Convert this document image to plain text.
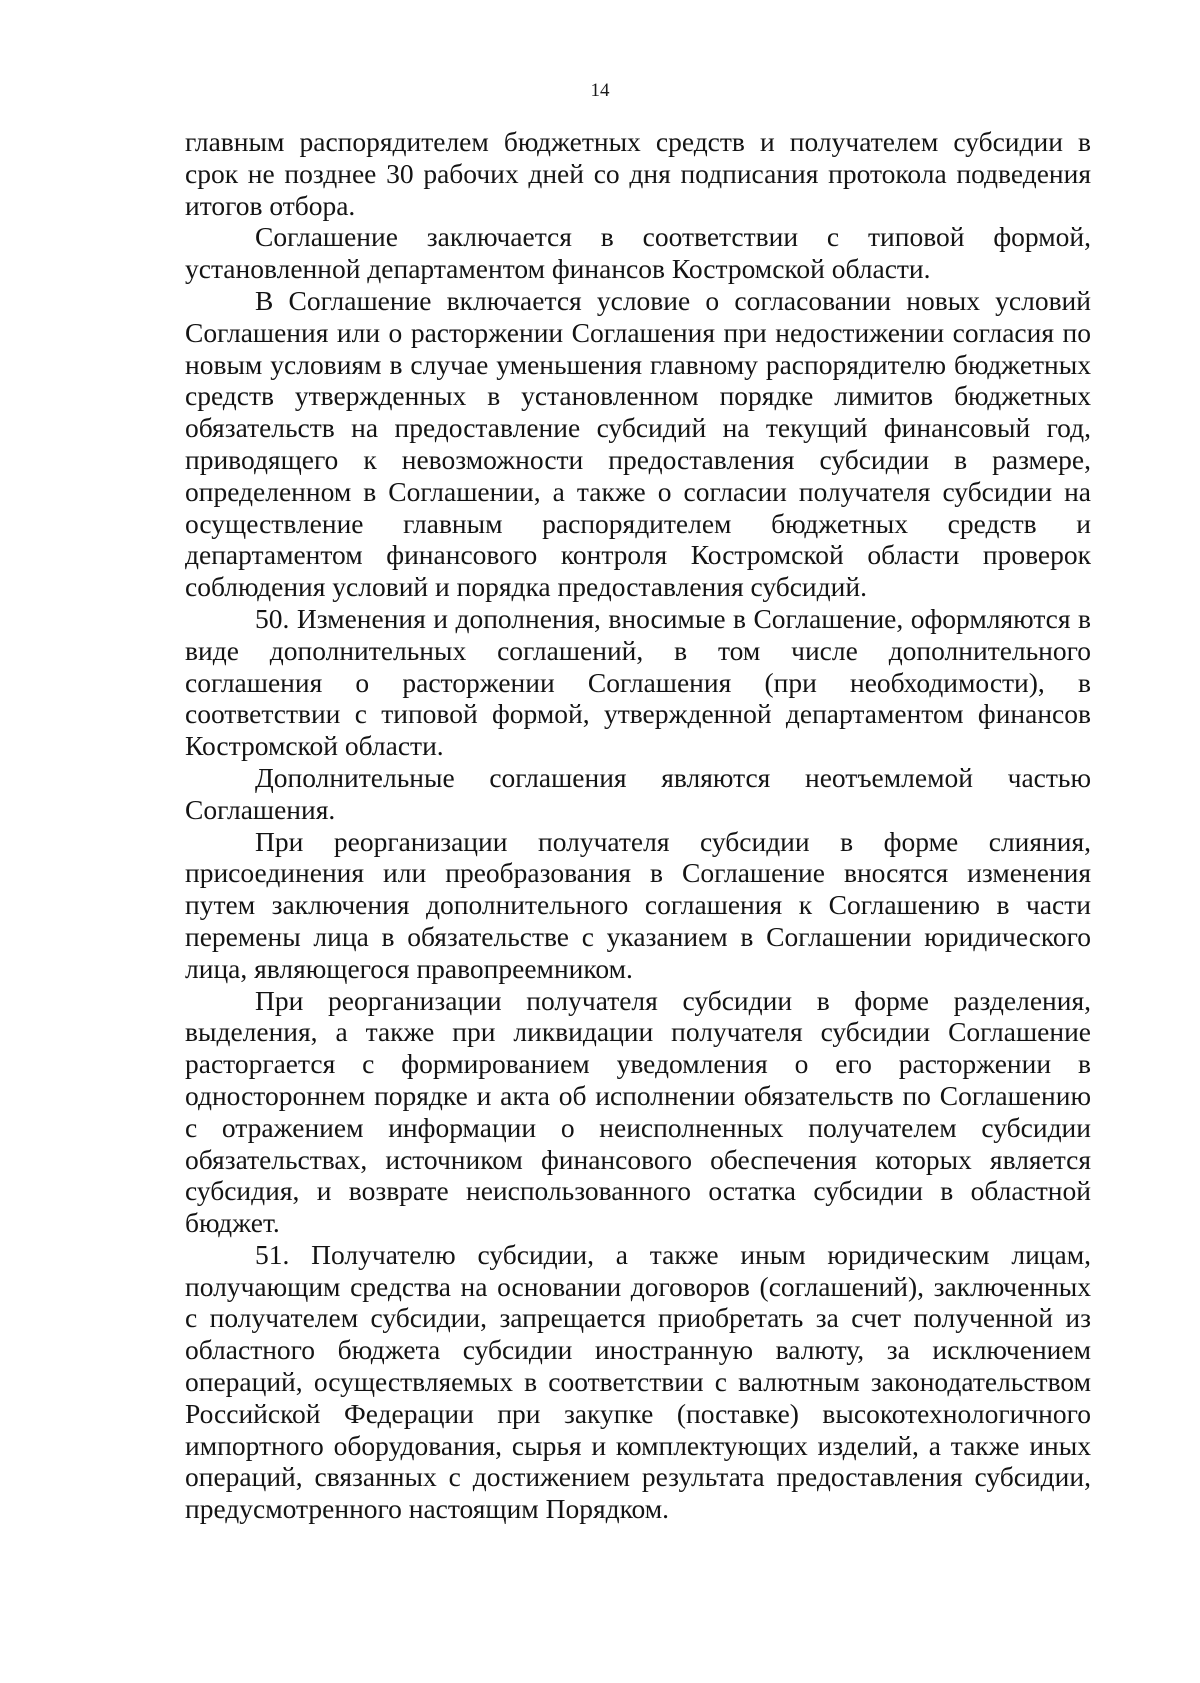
14

главным распорядителем бюджетных средств и получателем субсидии в срок не позднее 30 рабочих дней со дня подписания протокола подведения итогов отбора.

Соглашение заключается в соответствии с типовой формой, установленной департаментом финансов Костромской области.

В Соглашение включается условие о согласовании новых условий Соглашения или о расторжении Соглашения при недостижении согласия по новым условиям в случае уменьшения главному распорядителю бюджетных средств утвержденных в установленном порядке лимитов бюджетных обязательств на предоставление субсидий на текущий финансовый год, приводящего к невозможности предоставления субсидии в размере, определенном в Соглашении, а также о согласии получателя субсидии на осуществление главным распорядителем бюджетных средств и департаментом финансового контроля Костромской области проверок соблюдения условий и порядка предоставления субсидий.

50. Изменения и дополнения, вносимые в Соглашение, оформляются в виде дополнительных соглашений, в том числе дополнительного соглашения о расторжении Соглашения (при необходимости), в соответствии с типовой формой, утвержденной департаментом финансов Костромской области.

Дополнительные соглашения являются неотъемлемой частью Соглашения.

При реорганизации получателя субсидии в форме слияния, присоединения или преобразования в Соглашение вносятся изменения путем заключения дополнительного соглашения к Соглашению в части перемены лица в обязательстве с указанием в Соглашении юридического лица, являющегося правопреемником.

При реорганизации получателя субсидии в форме разделения, выделения, а также при ликвидации получателя субсидии Соглашение расторгается с формированием уведомления о его расторжении в одностороннем порядке и акта об исполнении обязательств по Соглашению с отражением информации о неисполненных получателем субсидии обязательствах, источником финансового обеспечения которых является субсидия, и возврате неиспользованного остатка субсидии в областной бюджет.

51. Получателю субсидии, а также иным юридическим лицам, получающим средства на основании договоров (соглашений), заключенных с получателем субсидии, запрещается приобретать за счет полученной из областного бюджета субсидии иностранную валюту, за исключением операций, осуществляемых в соответствии с валютным законодательством Российской Федерации при закупке (поставке) высокотехнологичного импортного оборудования, сырья и комплектующих изделий, а также иных операций, связанных с достижением результата предоставления субсидии, предусмотренного настоящим Порядком.
